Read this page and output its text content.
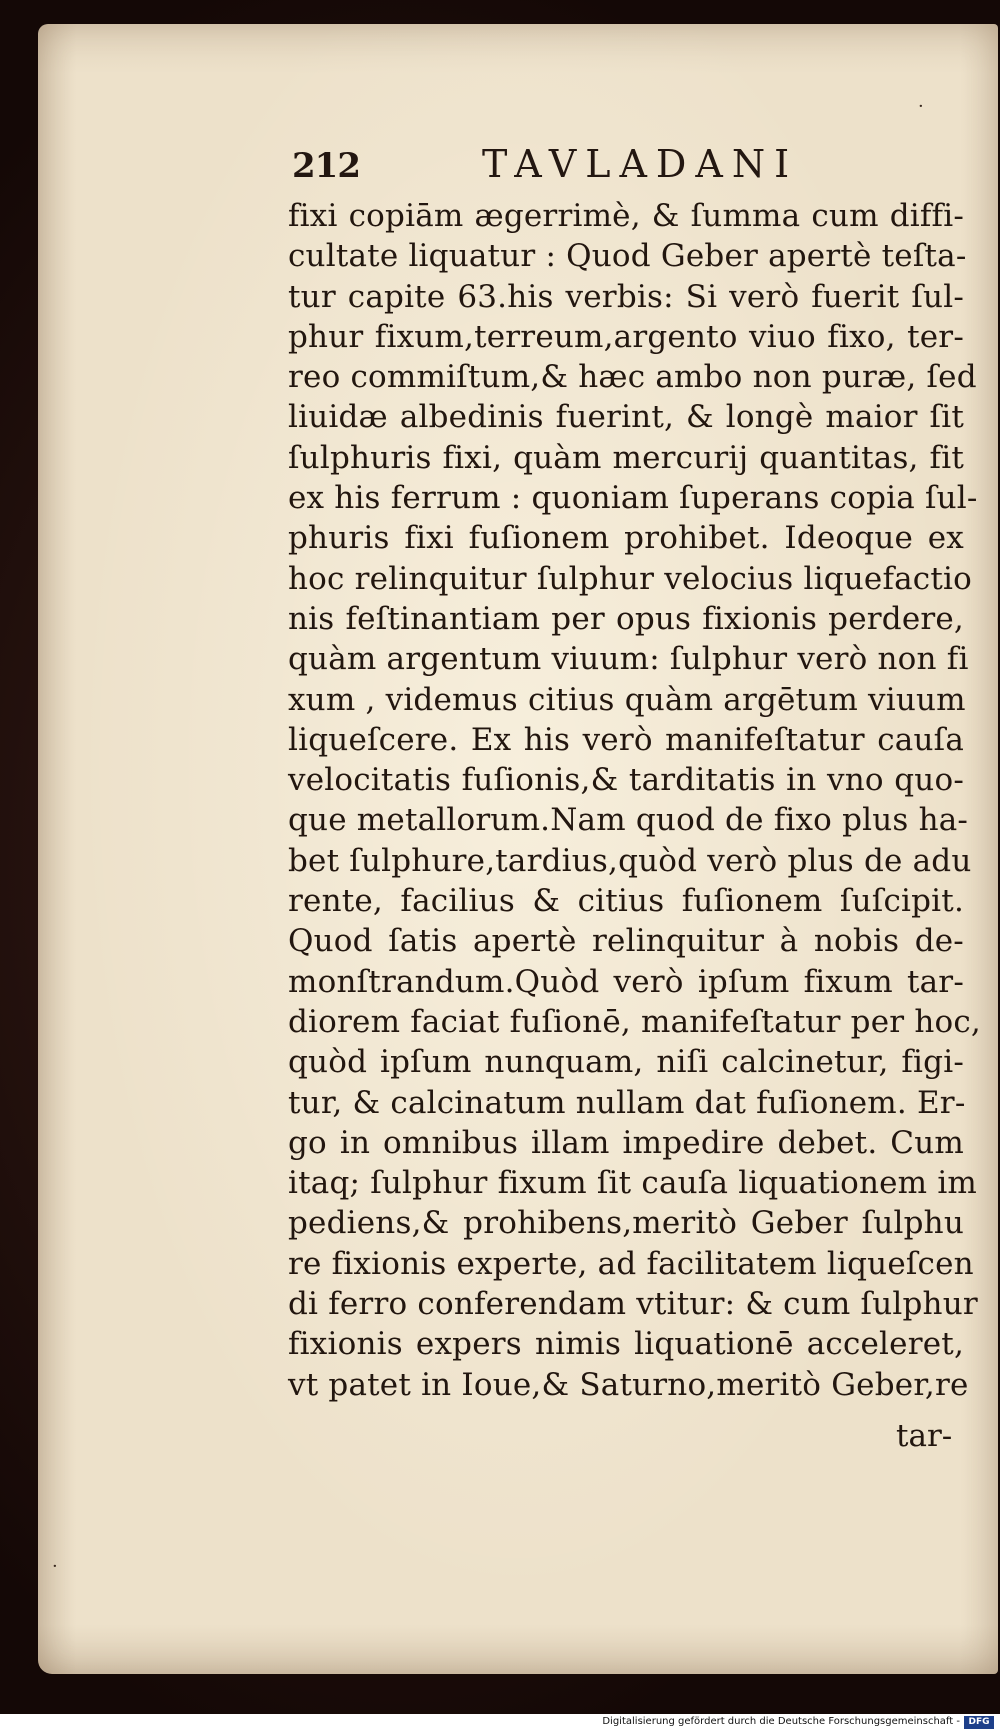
212	TAVLADANI
fixi copiām ægerrimè, & ſumma cum diffi-
cultate liquatur : Quod Geber apertè teſta-
tur capite 63.his verbis: Si verò fuerit ſul-
phur fixum,terreum,argento viuo fixo, ter-
reo commiſtum,& hæc ambo non puræ, ſed
liuidæ albedinis fuerint, & longè maior ſit
ſulphuris fixi, quàm mercurij quantitas, fit
ex his ferrum : quoniam ſuperans copia ſul-
phuris fixi fuſionem prohibet. Ideoque ex
hoc relinquitur ſulphur velocius liquefactio
nis feſtinantiam per opus fixionis perdere,
quàm argentum viuum: ſulphur verò non fi
xum , videmus citius quàm argētum viuum
liqueſcere. Ex his verò manifeſtatur cauſa
velocitatis fuſionis,& tarditatis in vno quo-
que metallorum.Nam quod de fixo plus ha-
bet ſulphure,tardius,quòd verò plus de adu
rente, facilius & citius fuſionem ſuſcipit.
Quod ſatis apertè relinquitur à nobis de-
monſtrandum.Quòd verò ipſum fixum tar-
diorem faciat fuſionē, manifeſtatur per hoc,
quòd ipſum nunquam, niſi calcinetur, figi-
tur, & calcinatum nullam dat fuſionem. Er-
go in omnibus illam impedire debet. Cum
itaq; ſulphur fixum ſit cauſa liquationem im
pediens,& prohibens,meritò Geber ſulphu
re fixionis experte, ad facilitatem liqueſcen
di ferro conferendam vtitur: & cum ſulphur
fixionis expers nimis liquationē acceleret,
vt patet in Ioue,& Saturno,meritò Geber,re
tar-
·
·
Digitalisierung gefördert durch die Deutsche Forschungsgemeinschaft - DFG
